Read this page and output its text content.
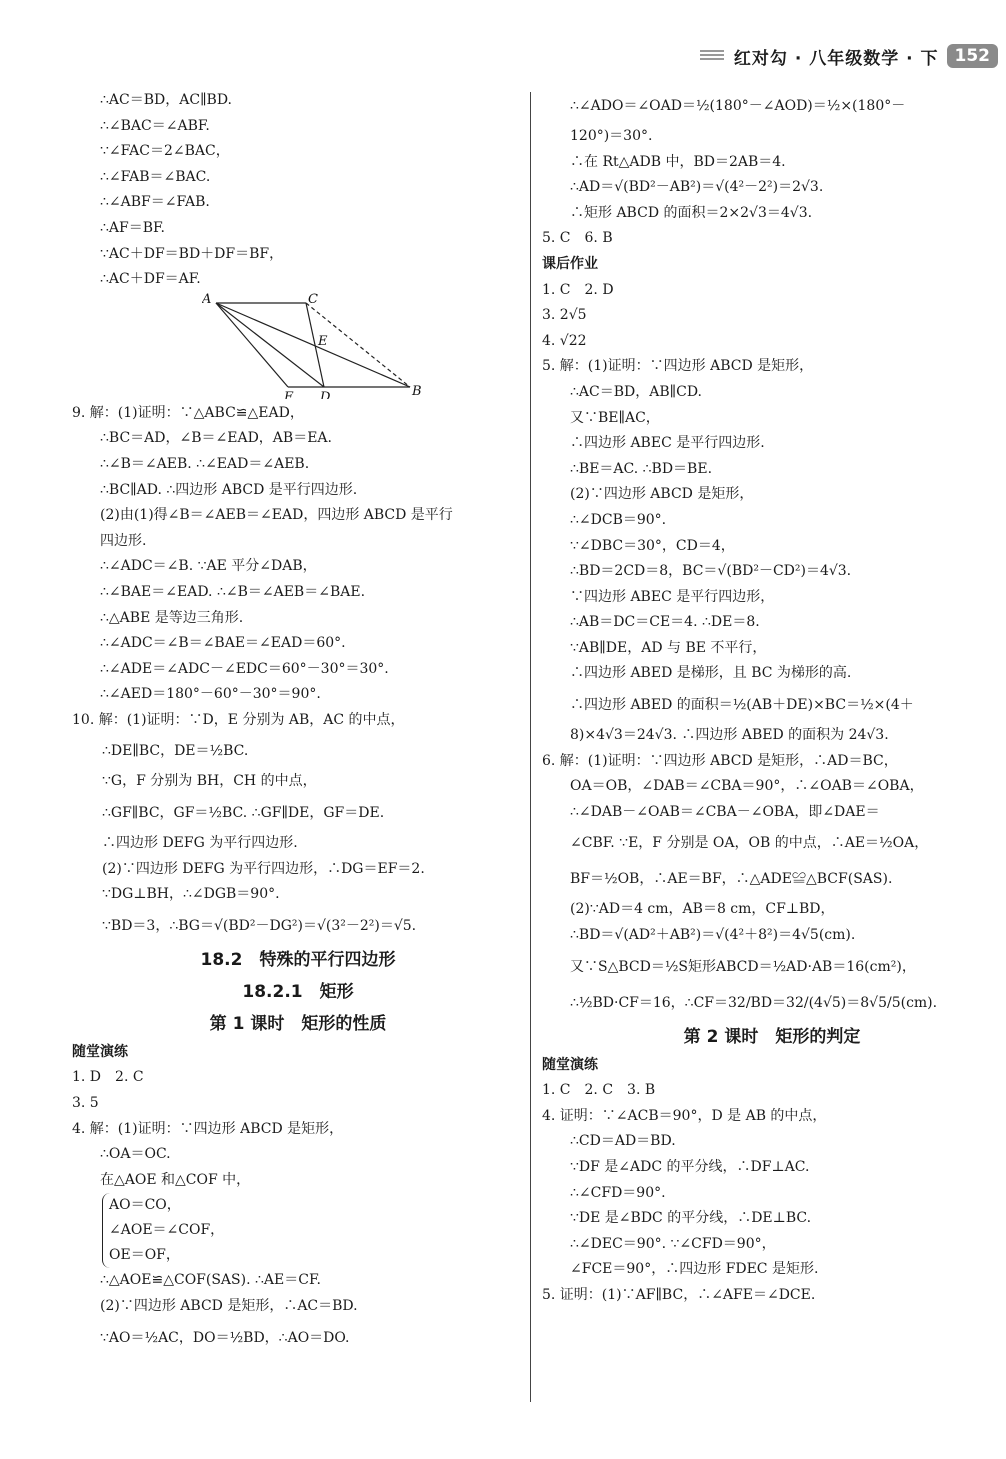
红对勾 · 八年级数学 · 下 152
∴AC＝BD，AC∥BD.
∴∠BAC＝∠ABF.
∵∠FAC＝2∠BAC，
∴∠FAB＝∠BAC.
∴∠ABF＝∠FAB.
∴AF＝BF.
∵AC＋DF＝BD＋DF＝BF，
∴AC＋DF＝AF.
A	C
E
F D	B
9. 解：(1)证明：∵△ABC≌△EAD，
∴BC＝AD，∠B＝∠EAD，AB＝EA.
∴∠B＝∠AEB. ∴∠EAD＝∠AEB.
∴BC∥AD. ∴四边形 ABCD 是平行四边形.
(2)由(1)得∠B＝∠AEB＝∠EAD，四边形 ABCD 是平行
四边形.
∴∠ADC＝∠B. ∵AE 平分∠DAB，
∴∠BAE＝∠EAD. ∴∠B＝∠AEB＝∠BAE.
∴△ABE 是等边三角形.
∴∠ADC＝∠B＝∠BAE＝∠EAD＝60°.
∴∠ADE＝∠ADC－∠EDC＝60°－30°＝30°.
∴∠AED＝180°－60°－30°＝90°.
10. 解：(1)证明：∵D，E 分别为 AB，AC 的中点，
∴DE∥BC，DE＝½BC.
∵G，F 分别为 BH，CH 的中点，
∴GF∥BC，GF＝½BC. ∴GF∥DE，GF＝DE.
∴四边形 DEFG 为平行四边形.
(2)∵四边形 DEFG 为平行四边形，∴DG＝EF＝2.
∵DG⊥BH，∴∠DGB＝90°.
∵BD＝3，∴BG＝√(BD²－DG²)＝√(3²－2²)＝√5.
18.2　特殊的平行四边形
18.2.1　矩形
第 1 课时　矩形的性质
随堂演练
1. D　2. C
3. 5
4. 解：(1)证明：∵四边形 ABCD 是矩形，
∴OA＝OC.
在△AOE 和△COF 中，
AO＝CO，
∠AOE＝∠COF，
OE＝OF，
∴△AOE≌△COF(SAS). ∴AE＝CF.
(2)∵四边形 ABCD 是矩形，∴AC＝BD.
∵AO＝½AC，DO＝½BD，∴AO＝DO.
∴∠ADO＝∠OAD＝½(180°－∠AOD)＝½×(180°－
120°)＝30°.
∴在 Rt△ADB 中，BD＝2AB＝4.
∴AD＝√(BD²－AB²)＝√(4²－2²)＝2√3.
∴矩形 ABCD 的面积＝2×2√3＝4√3.
5. C　6. B
课后作业
1. C　2. D
3. 2√5
4. √22
5. 解：(1)证明：∵四边形 ABCD 是矩形，
∴AC＝BD，AB∥CD.
又∵BE∥AC，
∴四边形 ABEC 是平行四边形.
∴BE＝AC. ∴BD＝BE.
(2)∵四边形 ABCD 是矩形，
∴∠DCB＝90°.
∵∠DBC＝30°，CD＝4，
∴BD＝2CD＝8，BC＝√(BD²－CD²)＝4√3.
∵四边形 ABEC 是平行四边形，
∴AB＝DC＝CE＝4. ∴DE＝8.
∵AB∥DE，AD 与 BE 不平行，
∴四边形 ABED 是梯形，且 BC 为梯形的高.
∴四边形 ABED 的面积＝½(AB＋DE)×BC＝½×(4＋
8)×4√3＝24√3. ∴四边形 ABED 的面积为 24√3.
6. 解：(1)证明：∵四边形 ABCD 是矩形，∴AD＝BC，
OA＝OB，∠DAB＝∠CBA＝90°，∴∠OAB＝∠OBA，
∴∠DAB－∠OAB＝∠CBA－∠OBA，即∠DAE＝
∠CBF. ∵E，F 分别是 OA，OB 的中点，∴AE＝½OA，
BF＝½OB，∴AE＝BF，∴△ADE≌△BCF(SAS).
(2)∵AD＝4 cm，AB＝8 cm，CF⊥BD，
∴BD＝√(AD²＋AB²)＝√(4²＋8²)＝4√5(cm).
又∵S△BCD＝½S矩形ABCD＝½AD·AB＝16(cm²)，
∴½BD·CF＝16，∴CF＝32/BD＝32/(4√5)＝8√5/5(cm).
第 2 课时　矩形的判定
随堂演练
1. C　2. C　3. B
4. 证明：∵∠ACB＝90°，D 是 AB 的中点，
∴CD＝AD＝BD.
∵DF 是∠ADC 的平分线，∴DF⊥AC.
∴∠CFD＝90°.
∵DE 是∠BDC 的平分线，∴DE⊥BC.
∴∠DEC＝90°. ∵∠CFD＝90°，
∠FCE＝90°，∴四边形 FDEC 是矩形.
5. 证明：(1)∵AF∥BC，∴∠AFE＝∠DCE.
